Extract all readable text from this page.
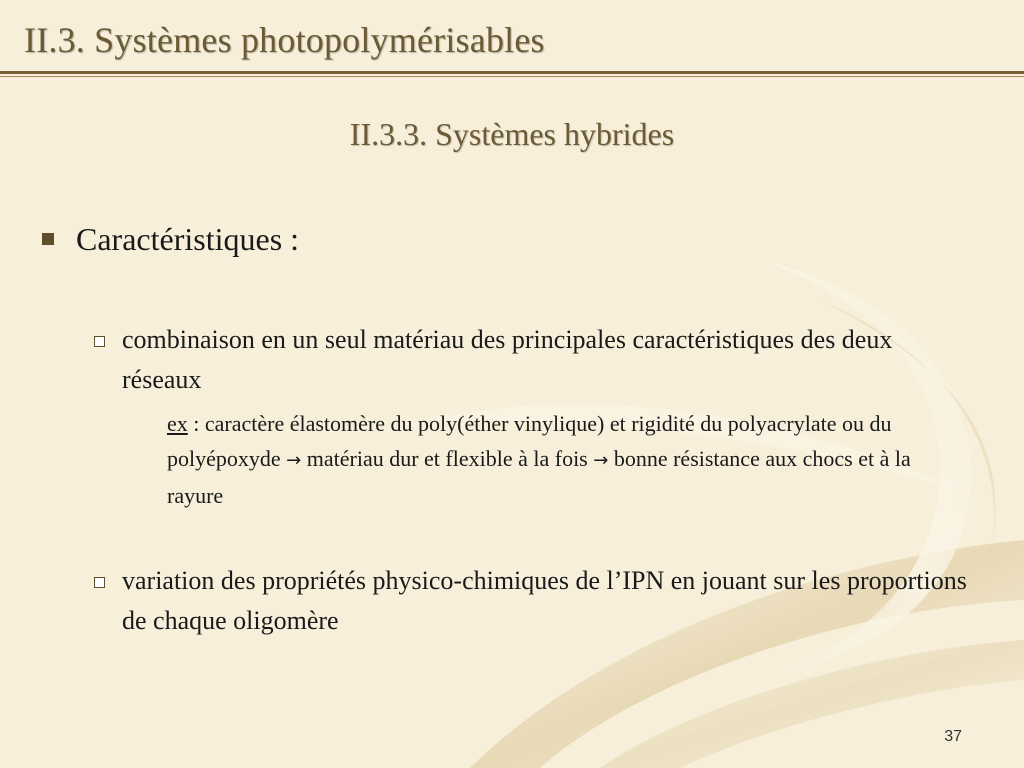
II.3. Systèmes photopolymérisables
II.3.3. Systèmes hybrides
Caractéristiques :
combinaison en un seul matériau des principales caractéristiques des deux réseaux
ex : caractère élastomère du poly(éther vinylique) et rigidité du polyacrylate ou du polyépoxyde → matériau dur et flexible à la fois → bonne résistance aux chocs et à la rayure
variation des propriétés physico-chimiques de l’IPN en jouant sur les proportions de chaque oligomère
37
